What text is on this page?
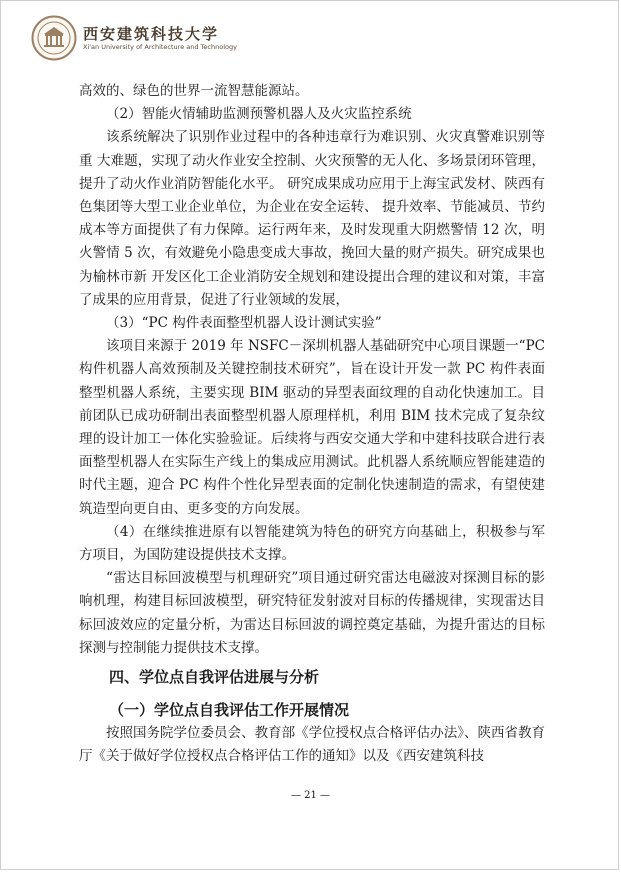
西安建筑科技大学
Xi'an University of Architecture and Technology

高效的、绿色的世界一流智慧能源站。

（2）智能火情辅助监测预警机器人及火灾监控系统

该系统解决了识别作业过程中的各种违章行为难识别、火灾真警难识别等重 大难题，实现了动火作业安全控制、火灾预警的无人化、多场景闭环管理，提升了动火作业消防智能化水平。 研究成果成功应用于上海宝武发材、陕西有色集团等大型工业企业单位，为企业在安全运转、 提升效率、节能减员、节约成本等方面提供了有力保障。运行两年来，及时发现重大阴燃警情 12 次，明火警情 5 次，有效避免小隐患变成大事故，挽回大量的财产损失。研究成果也为榆林市新 开发区化工企业消防安全规划和建设提出合理的建议和对策，丰富了成果的应用背景，促进了行业领域的发展，

（3）“PC 构件表面整型机器人设计测试实验”

该项目来源于 2019 年 NSFC－深圳机器人基础研究中心项目课题一“PC 构件机器人高效预制及关键控制技术研究”，旨在设计开发一款 PC 构件表面整型机器人系统，主要实现 BIM 驱动的异型表面纹理的自动化快速加工。目前团队已成功研制出表面整型机器人原理样机，利用 BIM 技术完成了复杂纹理的设计加工一体化实验验证。后续将与西安交通大学和中建科技联合进行表面整型机器人在实际生产线上的集成应用测试。此机器人系统顺应智能建造的时代主题，迎合 PC 构件个性化异型表面的定制化快速制造的需求，有望使建筑造型向更自由、更多变的方向发展。

（4）在继续推进原有以智能建筑为特色的研究方向基础上，积极参与军方项目，为国防建设提供技术支撑。

“雷达目标回波模型与机理研究”项目通过研究雷达电磁波对探测目标的影响机理，构建目标回波模型，研究特征发射波对目标的传播规律，实现雷达目标回波效应的定量分析，为雷达目标回波的调控奠定基础，为提升雷达的目标探测与控制能力提供技术支撑。

四、学位点自我评估进展与分析

（一）学位点自我评估工作开展情况

按照国务院学位委员会、教育部《学位授权点合格评估办法》、陕西省教育厅《关于做好学位授权点合格评估工作的通知》以及《西安建筑科技

— 21 —
